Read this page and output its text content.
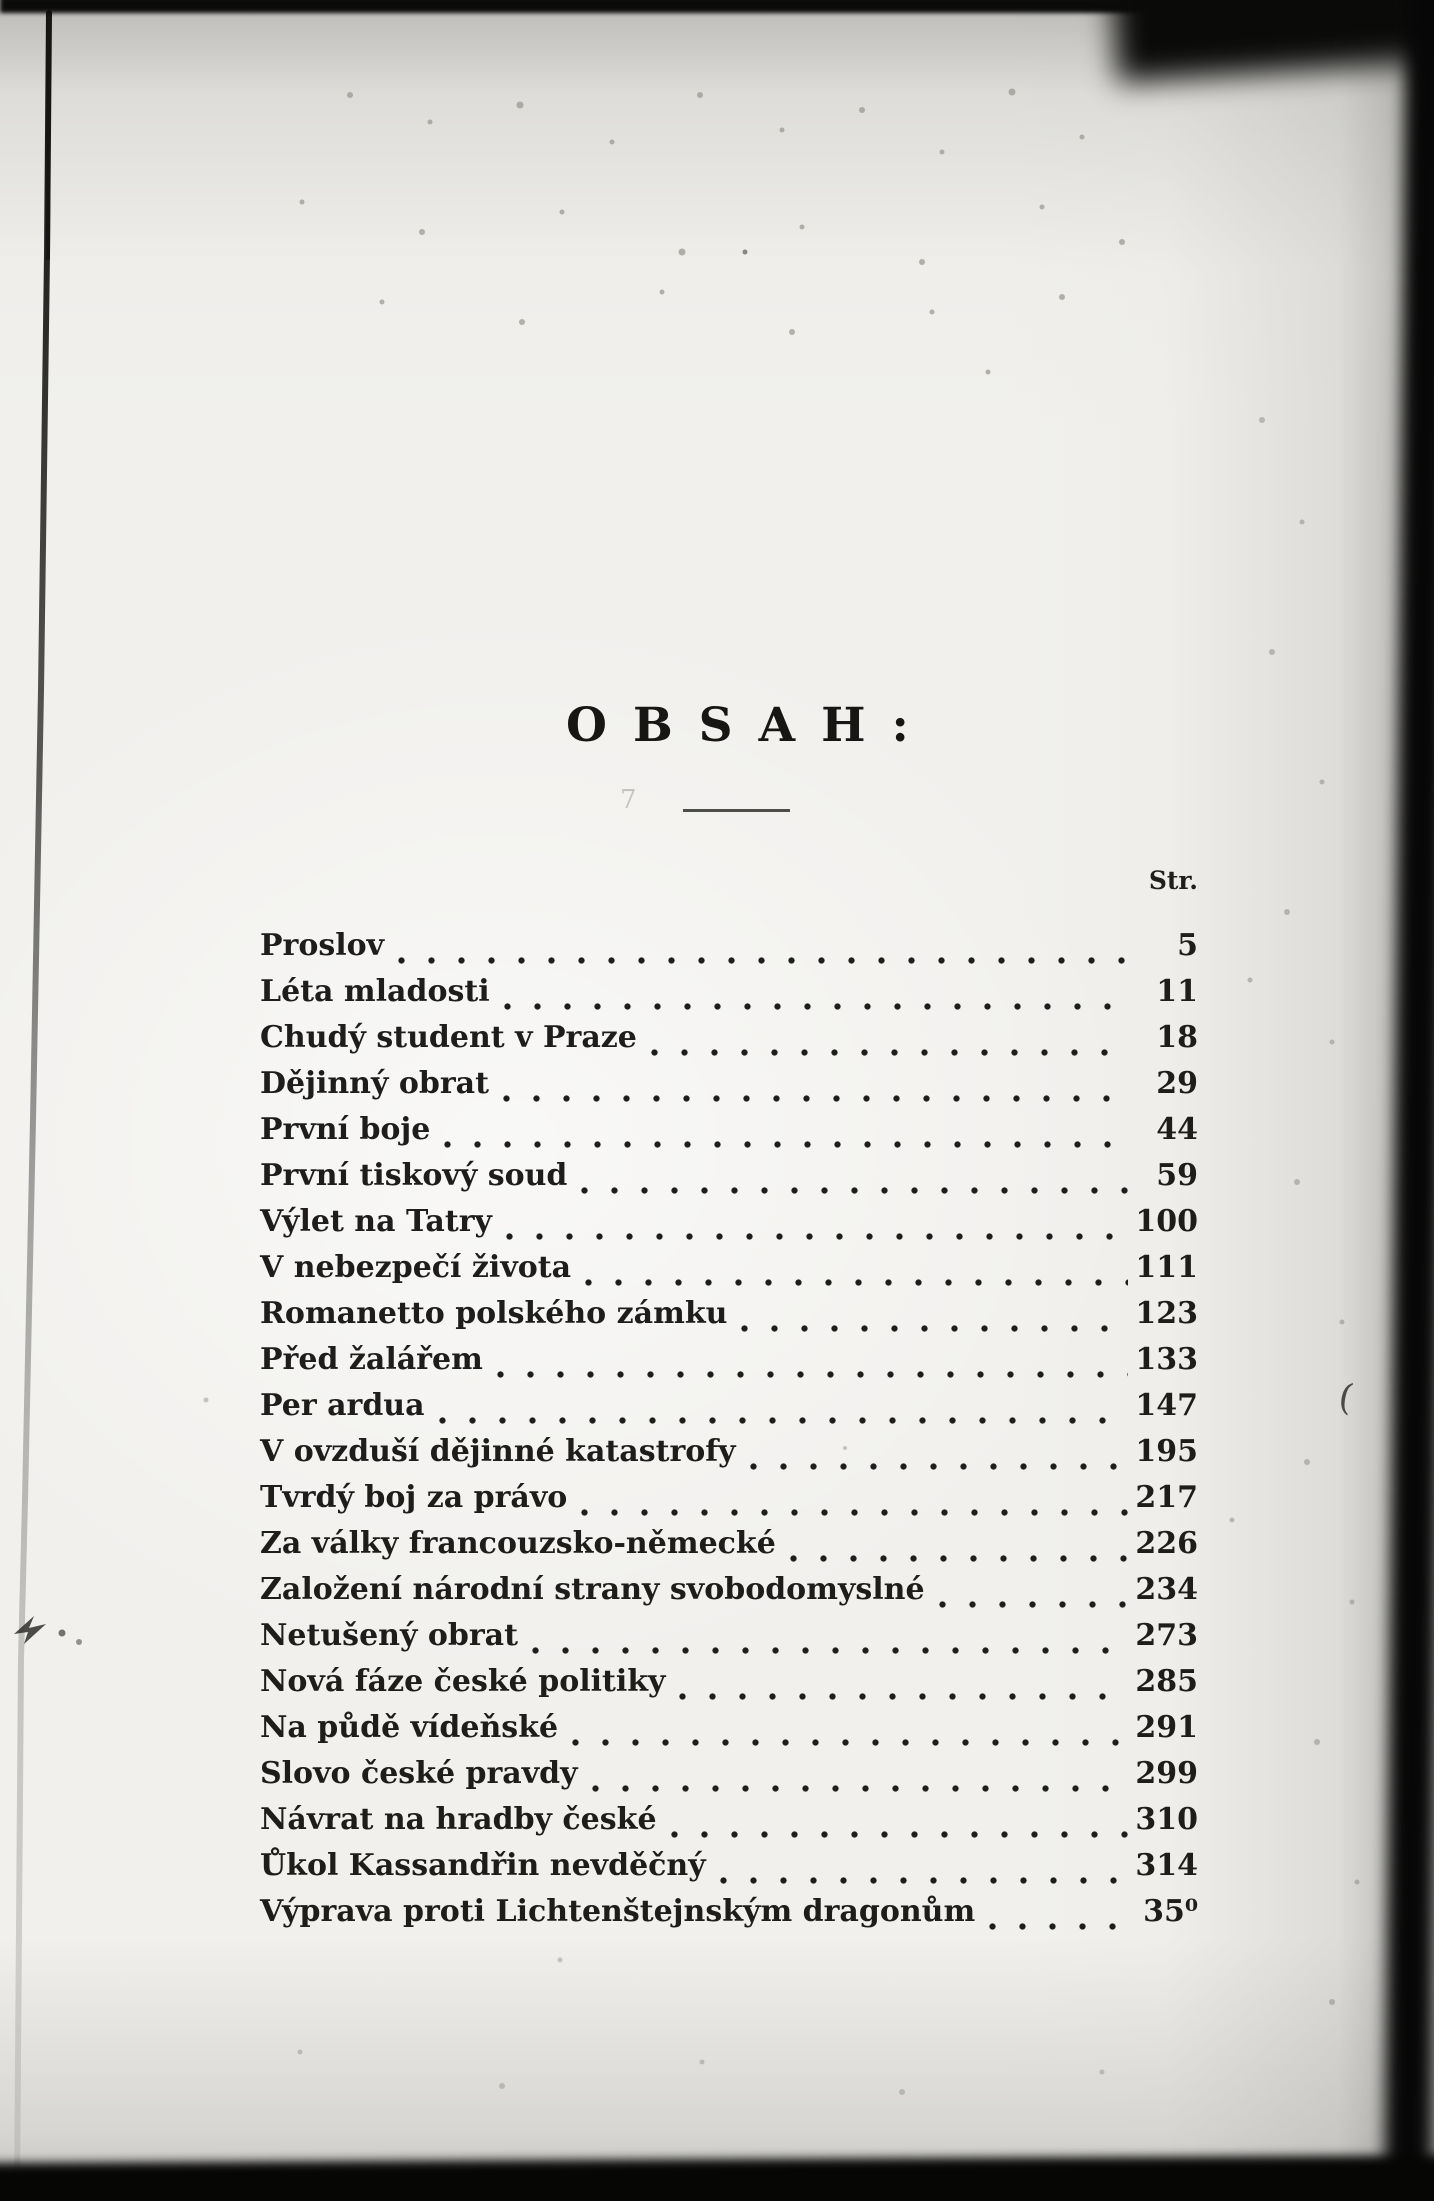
(
7
OBSAH:
Str.
Proslov	5
Léta mladosti	11
Chudý student v Praze	18
Dějinný obrat	29
První boje	44
První tiskový soud	59
Výlet na Tatry	100
V nebezpečí života	111
Romanetto polského zámku	123
Před žalářem	133
Per ardua	147
V ovzduší dějinné katastrofy	195
Tvrdý boj za právo	217
Za války francouzsko-německé	226
Založení národní strany svobodomyslné	234
Netušený obrat	273
Nová fáze české politiky	285
Na půdě vídeňské	291
Slovo české pravdy	299
Návrat na hradby české	310
Ůkol Kassandřin nevděčný	314
Výprava proti Lichtenštejnským dragonům	35⁰
